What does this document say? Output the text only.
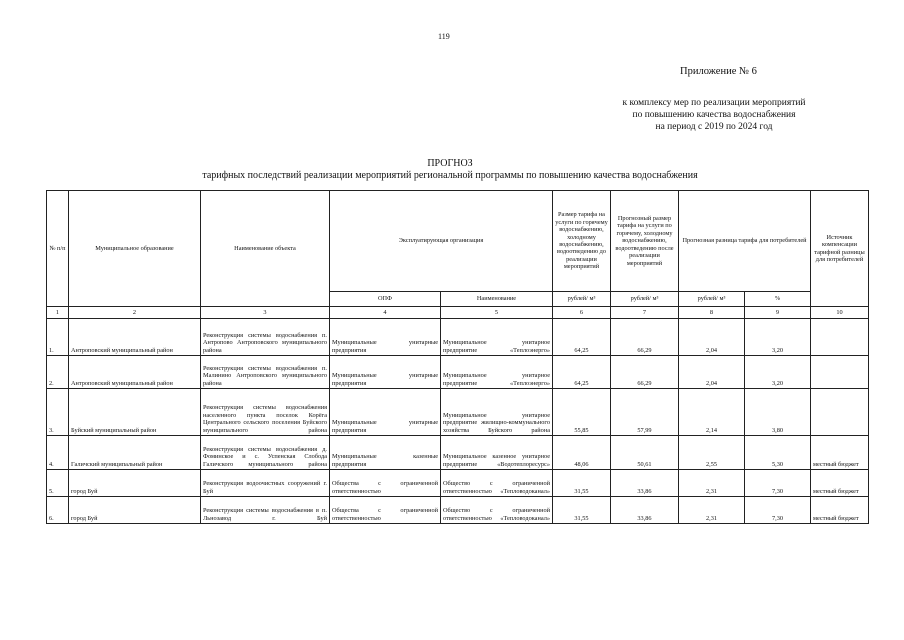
119
Приложение № 6
к комплексу мер по реализации мероприятий
по повышению качества водоснабжения
на период с 2019 по 2024 год
ПРОГНОЗ
тарифных последствий реализации мероприятий региональной программы по повышению качества водоснабжения
№ п/п	Муниципальное образование	Наименование объекта	Эксплуатирующая организация		Размер тарифа на услуги по горячему водоснабжению, холодному водоснабжению, водоотведению до реализации мероприятий	Прогнозный размер тарифа на услуги по горячему, холодному водоснабжению, водоотведению после реализации мероприятий	Прогнозная разница тарифа для потребителей		Источник компенсации тарифной разницы для потребителей
			ОПФ	Наименование	рублей/ м³	рублей/ м³	рублей/ м³	%	
1	2	3	4	5	6	7	8	9	10
1.	Антроповский муниципальный район	Реконструкция системы водоснабжения п. Антропово Антроповского муниципального района	Муниципальные унитарные предприятия	Муниципальное унитарное предприятие «Теплоэнерго»	64,25	66,29	2,04	3,20	
2.	Антроповский муниципальный район	Реконструкция системы водоснабжения п. Малинино Антроповского муниципального района	Муниципальные унитарные предприятия	Муниципальное унитарное предприятие «Теплоэнерго»	64,25	66,29	2,04	3,20	
3.	Буйский муниципальный район	Реконструкция системы водоснабжения населенного пункта поселок Корёга Центрального сельского поселения Буйского муниципального района	Муниципальные унитарные предприятия	Муниципальное унитарное предприятие жилищно-коммунального хозяйства Буйского района	55,85	57,99	2,14	3,80	
4.	Галичский муниципальный район	Реконструкция системы водоснабжения д. Фоминское и с. Успенская Слобода Галичского муниципального района	Муниципальные казенные предприятия	Муниципальное казенное унитарное предприятие «Водотеплоресурс»	48,06	50,61	2,55	5,30	местный бюджет
5.	город Буй	Реконструкция водоочистных сооружений г. Буй	Общества с ограниченной ответственностью	Общество с ограниченной ответственностью «Тепловодоканал»	31,55	33,86	2,31	7,30	местный бюджет
6.	город Буй	Реконструкция системы водоснабжения в п. Льнозавод г. Буй	Общества с ограниченной ответственностью	Общество с ограниченной ответственностью «Тепловодоканал»	31,55	33,86	2,31	7,30	местный бюджет
